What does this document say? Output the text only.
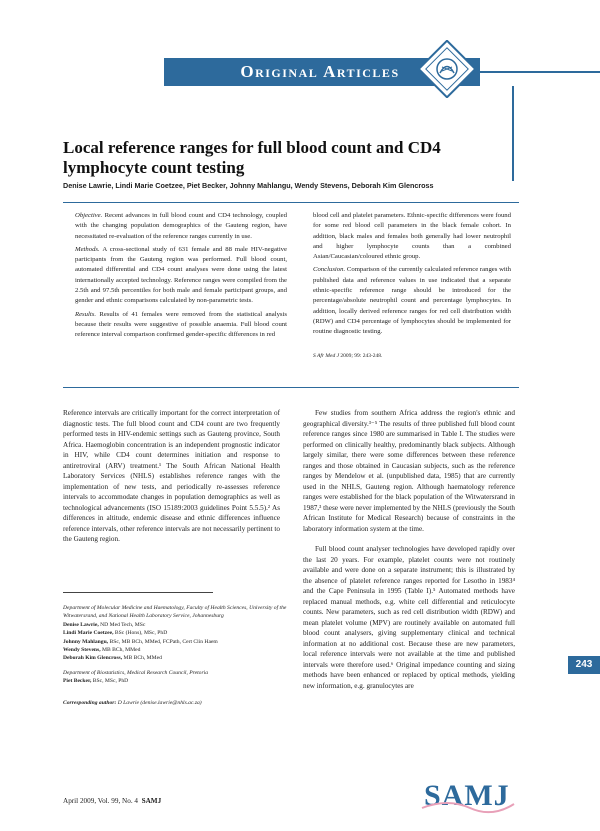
Original Articles
Local reference ranges for full blood count and CD4 lymphocyte count testing
Denise Lawrie, Lindi Marie Coetzee, Piet Becker, Johnny Mahlangu, Wendy Stevens, Deborah Kim Glencross

Objective. Recent advances in full blood count and CD4 technology, coupled with the changing population demographics of the Gauteng region, have necessitated re-evaluation of the reference ranges currently in use.

Methods. A cross-sectional study of 631 female and 88 male HIV-negative participants from the Gauteng region was performed. Full blood count, automated differential and CD4 count analyses were done using the latest internationally accepted technology. Reference ranges were compiled from the 2.5th and 97.5th percentiles for both male and female participant groups, and gender and ethnic comparisons calculated by non-parametric tests.

Results. Results of 41 females were removed from the statistical analysis because their results were suggestive of possible anaemia. Full blood count reference interval comparison confirmed gender-specific differences in red

blood cell and platelet parameters. Ethnic-specific differences were found for some red blood cell parameters in the black female cohort. In addition, black males and females both generally had lower neutrophil and higher lymphocyte counts than a combined Asian/Caucasian/coloured ethnic group.

Conclusion. Comparison of the currently calculated reference ranges with published data and reference values in use indicated that a separate ethnic-specific reference range should be introduced for the percentage/absolute neutrophil count and percentage lymphocytes. In addition, locally derived reference ranges for red cell distribution width (RDW) and CD4 percentage of lymphocytes should be implemented for routine diagnostic testing.

S Afr Med J 2009; 99: 243-248.
Reference intervals are critically important for the correct interpretation of diagnostic tests. The full blood count and CD4 count are two frequently performed tests in HIV-endemic settings such as Gauteng province, South Africa. Haemoglobin concentration is an independent prognostic indicator in HIV, while CD4 count determines initiation and response to antiretroviral (ARV) treatment.¹ The South African National Health Laboratory Services (NHLS) establishes reference ranges with the implementation of new tests, and periodically re-assesses reference intervals to accommodate changes in population demographics as well as technological advancements (ISO 15189:2003 guidelines Point 5.5.5).² As differences in altitude, endemic disease and ethnic differences influence reference intervals, other reference intervals are not necessarily pertinent to the Gauteng region.

Few studies from southern Africa address the region's ethnic and geographical diversity.³⁻⁵ The results of three published full blood count reference ranges since 1980 are summarised in Table I. The studies were performed on clinically healthy, predominantly black subjects. Although largely similar, there were some differences between these reference ranges and those obtained in Caucasian subjects, such as the reference ranges by Mendelow et al. (unpublished data, 1985) that are currently used in the NHLS, Gauteng region. Although haematology reference ranges were established for the black population of the Witwatersrand in 1987,³ these were never implemented by the NHLS (previously the South African Institute for Medical Research) because of constraints in the laboratory information system at the time.

Full blood count analyser technologies have developed rapidly over the last 20 years. For example, platelet counts were not routinely available and were done on a separate instrument; this is illustrated by the absence of platelet reference ranges reported for Lesotho in 1983⁴ and the Cape Peninsula in 1995 (Table I).⁵ Automated methods have replaced manual methods, e.g. white cell differential and reticulocyte counts. New parameters, such as red cell distribution width (RDW) and mean platelet volume (MPV) are routinely available on automated full blood count analysers, giving supplementary clinical and technical information at no additional cost. Because these are new parameters, local reference intervals were not available at the time and published intervals were therefore used.⁶ Original impedance counting and sizing methods have been enhanced or replaced by optical methods, yielding new information, e.g. granulocytes are

Department of Molecular Medicine and Haematology, Faculty of Health Sciences, University of the Witwatersrand, and National Health Laboratory Service, Johannesburg
Denise Lawrie, ND Med Tech, MSc
Lindi Marie Coetzee, BSc (Hons), MSc, PhD
Johnny Mahlangu, BSc, MB BCh, MMed, FCPath, Cert Clin Haem
Wendy Stevens, MB BCh, MMed
Deborah Kim Glencross, MB BCh, MMed
Department of Biostatistics, Medical Research Council, Pretoria
Piet Becker, BSc, MSc, PhD
Corresponding author: D Lawrie (denise.lawrie@nhls.ac.za)
243
April 2009, Vol. 99, No. 4 SAMJ	SAMJ
